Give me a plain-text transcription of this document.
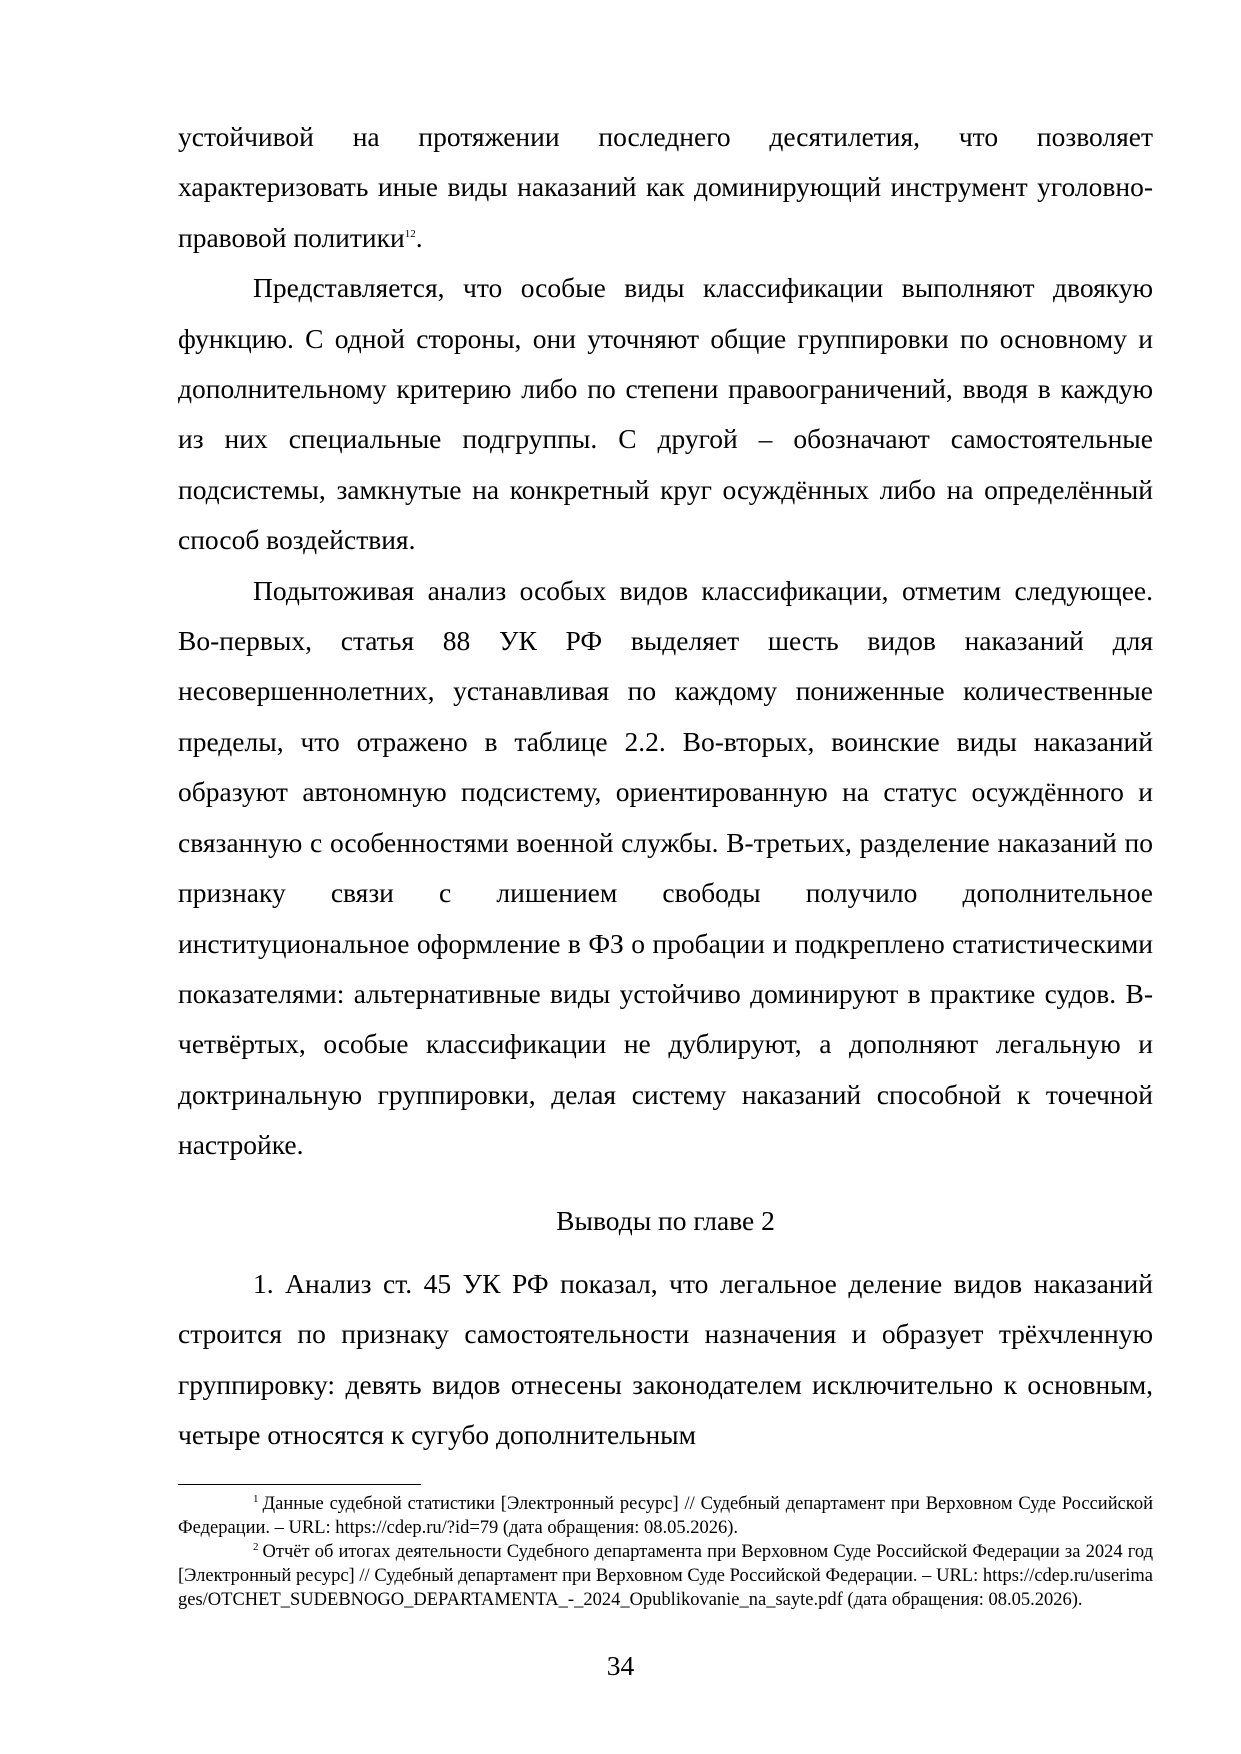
устойчивой на протяжении последнего десятилетия, что позволяет характеризовать иные виды наказаний как доминирующий инструмент уголовно-правовой политики$^{12}$.

Представляется, что особые виды классификации выполняют двоякую функцию. С одной стороны, они уточняют общие группировки по основному и дополнительному критерию либо по степени правоограничений, вводя в каждую из них специальные подгруппы. С другой – обозначают самостоятельные подсистемы, замкнутые на конкретный круг осуждённых либо на определённый способ воздействия.

Подытоживая анализ особых видов классификации, отметим следующее. Во-первых, статья 88 УК РФ выделяет шесть видов наказаний для несовершеннолетних, устанавливая по каждому пониженные количественные пределы, что отражено в таблице 2.2. Во-вторых, воинские виды наказаний образуют автономную подсистему, ориентированную на статус осуждённого и связанную с особенностями военной службы. В-третьих, разделение наказаний по признаку связи с лишением свободы получило дополнительное институциональное оформление в ФЗ о пробации и подкреплено статистическими показателями: альтернативные виды устойчиво доминируют в практике судов. В-четвёртых, особые классификации не дублируют, а дополняют легальную и доктринальную группировки, делая систему наказаний способной к точечной настройке.

Выводы по главе 2

1. Анализ ст. 45 УК РФ показал, что легальное деление видов наказаний строится по признаку самостоятельности назначения и образует трёхчленную группировку: девять видов отнесены законодателем исключительно к основным, четыре относятся к сугубо дополнительным

$^1$ Данные судебной статистики [Электронный ресурс] // Судебный департамент при Верховном Суде Российской Федерации. – URL: https://cdep.ru/?id=79 (дата обращения: 08.05.2026).

$^2$ Отчёт об итогах деятельности Судебного департамента при Верховном Суде Российской Федерации за 2024 год [Электронный ресурс] // Судебный департамент при Верховном Суде Российской Федерации. – URL: https://cdep.ru/userimages/OTCHET_SUDEBNOGO_DEPARTAMENTA_-_2024_Opublikovanie_na_sayte.pdf (дата обращения: 08.05.2026).

34
